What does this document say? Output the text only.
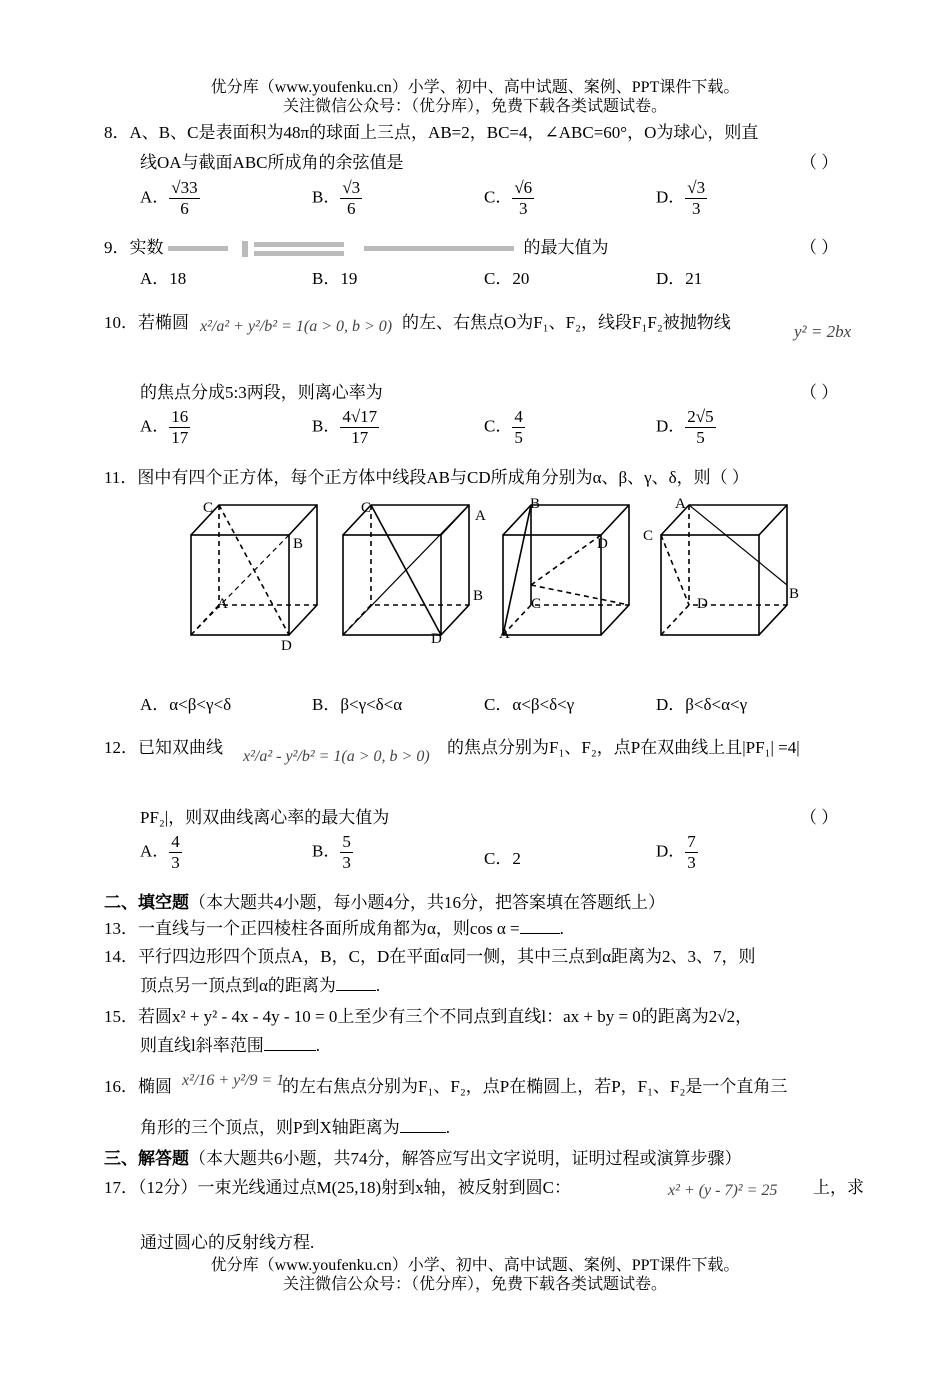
优分库（www.youfenku.cn）小学、初中、高中试题、案例、PPT课件下载。
关注微信公众号：（优分库），免费下载各类试题试卷。
8．A、B、C是表面积为48π的球面上三点，AB=2，BC=4，∠ABC=60°，O为球心，则直
线OA与截面ABC所成角的余弦值是	（ ）
A． $\frac{√33}{6}$	B． $\frac{√3}{6}$	C． $\frac{√6}{3}$	D． $\frac{√3}{3}$
9．实数	的最大值为	（ ）
A．18	B．19	C．20	D．21
10．若椭圆 x²/a² + y²/b² = 1(a > 0, b > 0) 的左、右焦点O为F₁、F₂，线段F₁F₂被抛物线	y² = 2bx
的焦点分成5:3两段，则离心率为	（ ）
A． $\frac{16}{17}$	B． $\frac{4√17}{17}$	C． $\frac{4}{5}$	D． $\frac{2√5}{5}$
11．图中有四个正方体，每个正方体中线段AB与CD所成角分别为α、β、γ、δ，则（ ）
C
B
A
D
C	A
B
D
B
D
C
A
A
C
B
D
A．α<β<γ<δ	B．β<γ<δ<α	C．α<β<δ<γ	D．β<δ<α<γ
12．已知双曲线 x²/a² - y²/b² = 1(a > 0, b > 0) 的焦点分别为F₁、F₂，点P在双曲线上且|PF₁| =4|
PF₂|，则双曲线离心率的最大值为	（ ）
A． $\frac{4}{3}$	B． $\frac{5}{3}$	C．2	D． $\frac{7}{3}$
二、填空题（本大题共4小题，每小题4分，共16分，把答案填在答题纸上）
13．一直线与一个正四棱柱各面所成角都为α，则cos α = .
14．平行四边形四个顶点A，B，C，D在平面α同一侧，其中三点到α距离为2、3、7，则
顶点另一顶点到α的距离为 .
15．若圆x² + y² - 4x - 4y - 10 = 0上至少有三个不同点到直线l：ax + by = 0的距离为2√2，
则直线l斜率范围	.
16．椭圆 x²/16 + y²/9 = 1
的左右焦点分别为F₁、F₂，点P在椭圆上，若P，F₁、F₂是一个直角三
角形的三个顶点，则P到X轴距离为	.
三、解答题（本大题共6小题，共74分，解答应写出文字说明，证明过程或演算步骤）
17．（12分）一束光线通过点M(25,18)射到x轴，被反射到圆C：	x² + (y - 7)² = 25 上，求
通过圆心的反射线方程.
优分库（www.youfenku.cn）小学、初中、高中试题、案例、PPT课件下载。
关注微信公众号：（优分库），免费下载各类试题试卷。
